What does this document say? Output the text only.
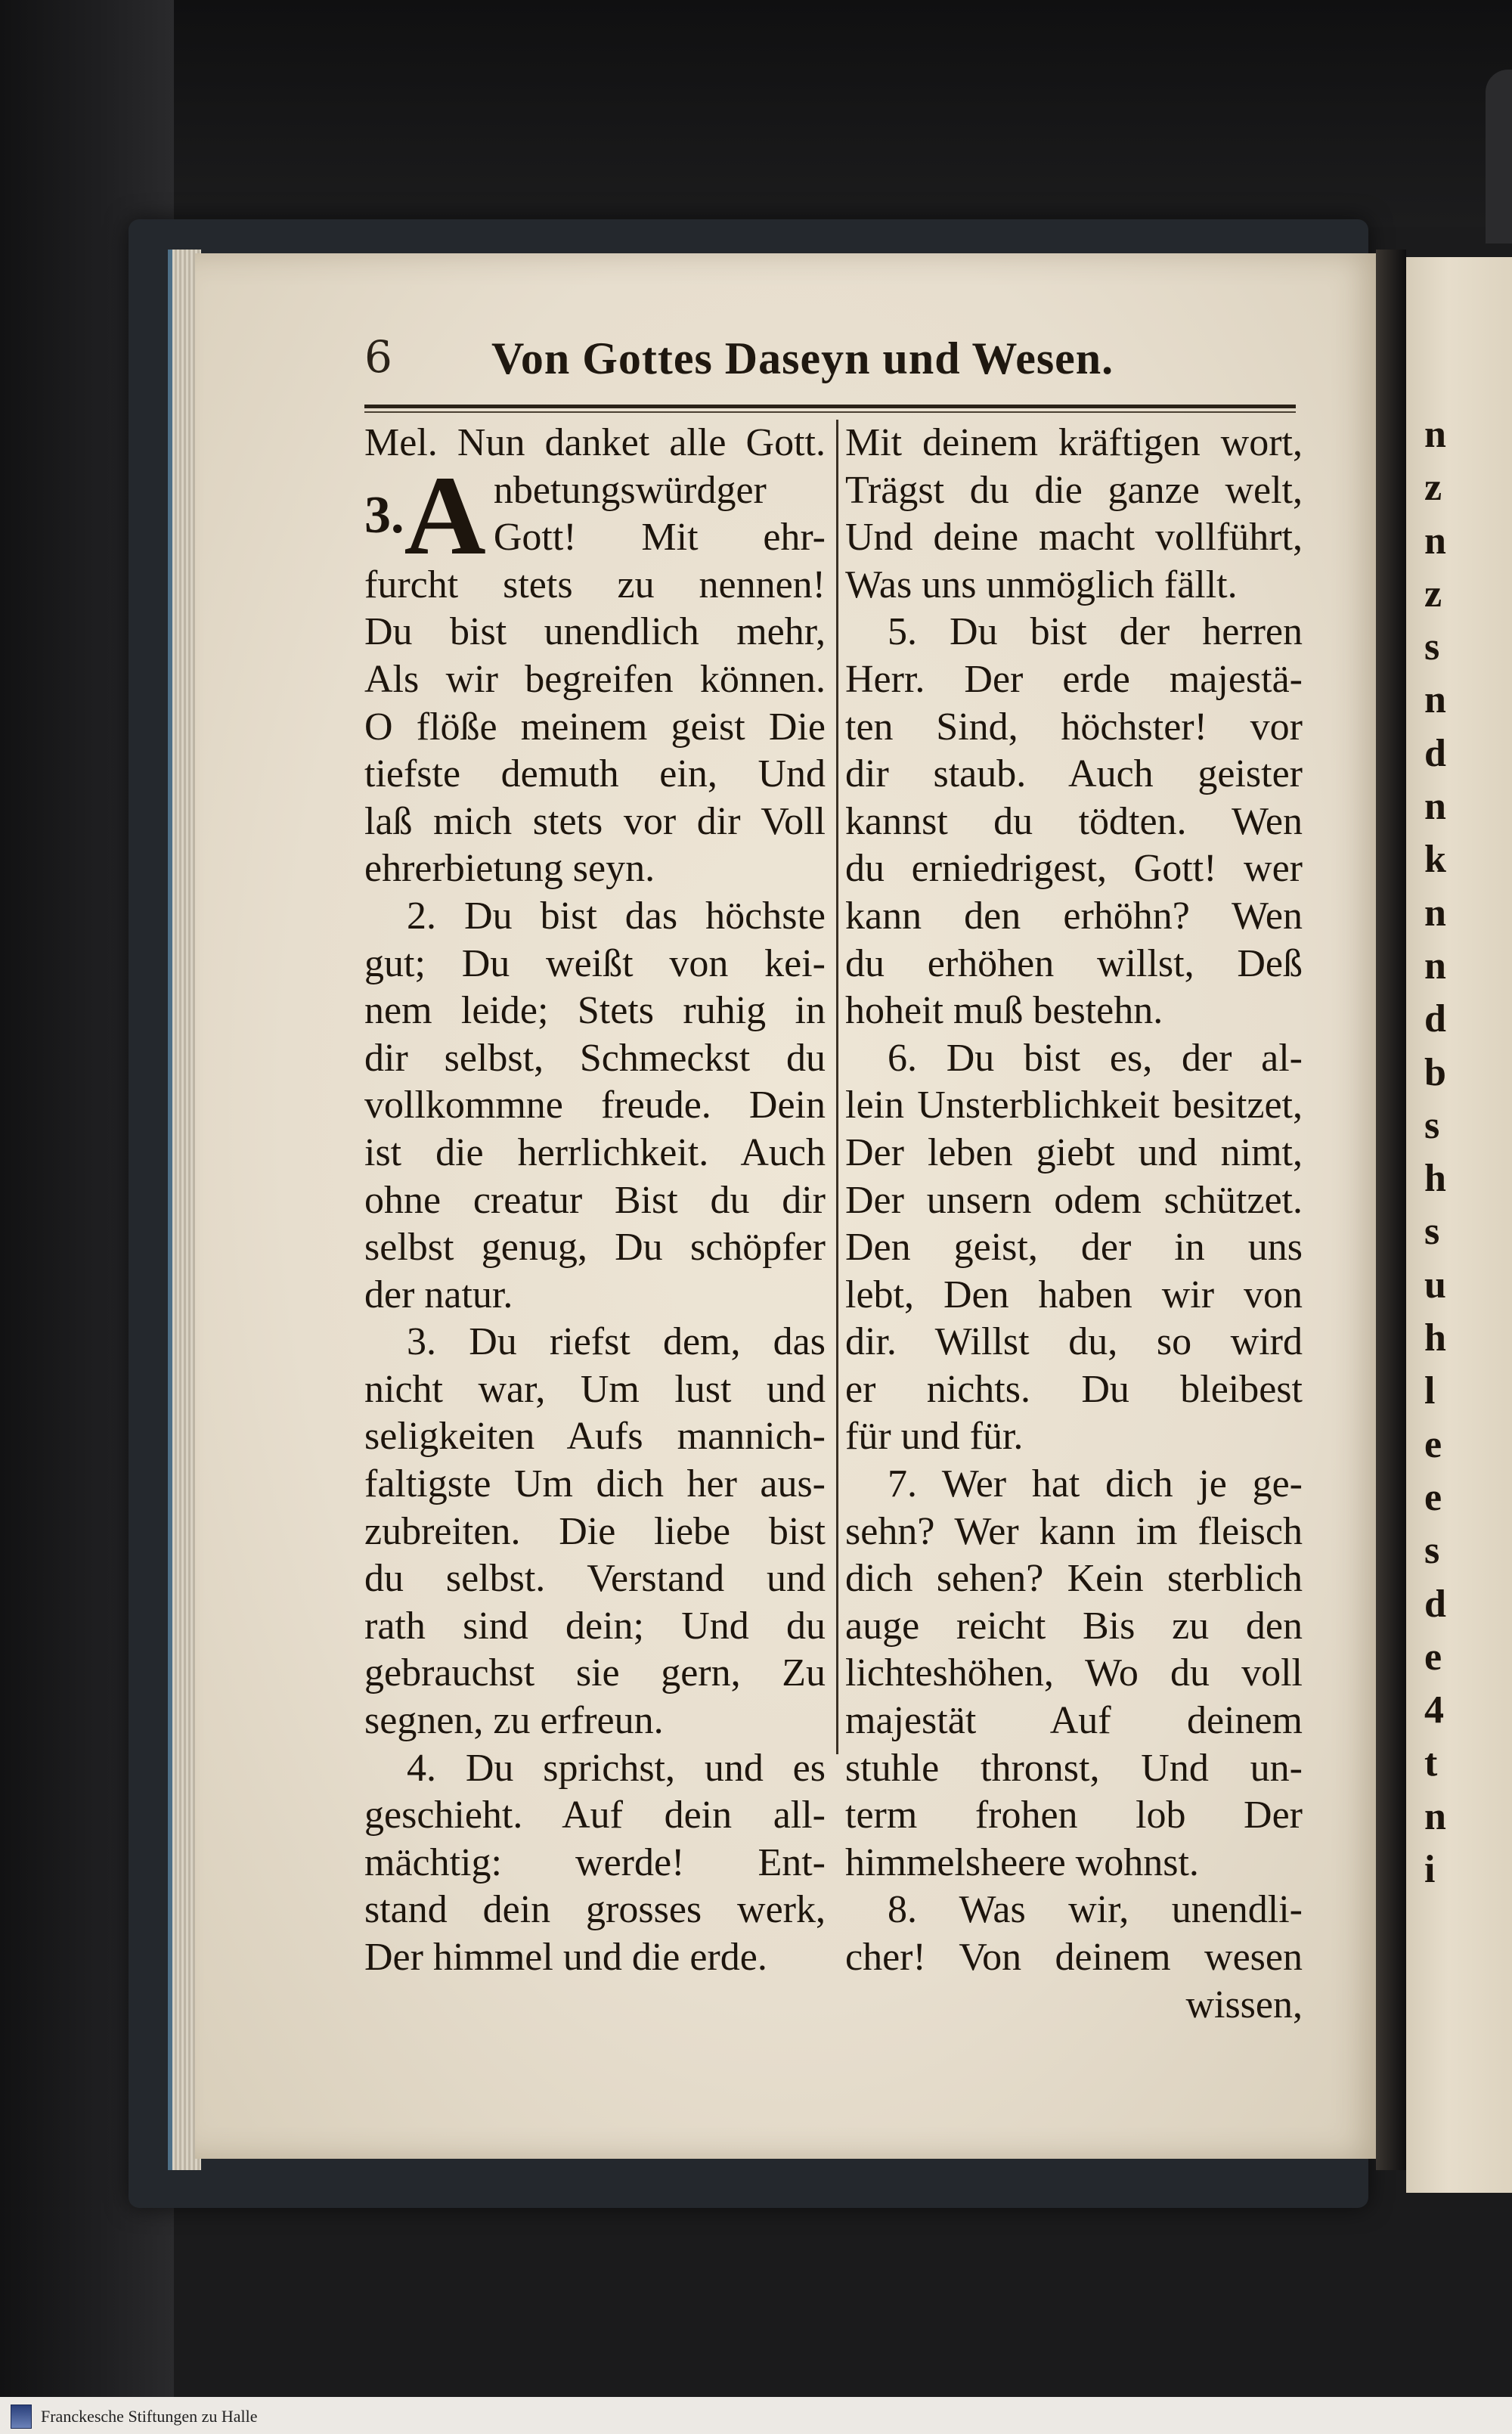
n
z
n
z
s
n
d
n
k
n
n
d
b
s
h
s
u
h
l
e
e
s
d
e
4
t
n
i
6 Von Gottes Daseyn und Wesen.
Mel. Nun danket alle Gott.
$^{3.}$A nbetungswürdger
Gott! Mit ehr-
furcht stets zu nennen!
Du bist unendlich mehr,
Als wir begreifen können.
O flöße meinem geist Die
tiefste demuth ein, Und
laß mich stets vor dir Voll
ehrerbietung seyn.
2. Du bist das höchste
gut; Du weißt von kei-
nem leide; Stets ruhig in
dir selbst, Schmeckst du
vollkommne freude. Dein
ist die herrlichkeit. Auch
ohne creatur Bist du dir
selbst genug, Du schöpfer
der natur.
3. Du riefst dem, das
nicht war, Um lust und
seligkeiten Aufs mannich-
faltigste Um dich her aus-
zubreiten. Die liebe bist
du selbst. Verstand und
rath sind dein; Und du
gebrauchst sie gern, Zu
segnen, zu erfreun.
4. Du sprichst, und es
geschieht. Auf dein all-
mächtig: werde! Ent-
stand dein grosses werk,
Der himmel und die erde.
Mit deinem kräftigen wort,
Trägst du die ganze welt,
Und deine macht vollführt,
Was uns unmöglich fällt.
5. Du bist der herren
Herr. Der erde majestä-
ten Sind, höchster! vor
dir staub. Auch geister
kannst du tödten. Wen
du erniedrigest, Gott! wer
kann den erhöhn? Wen
du erhöhen willst, Deß
hoheit muß bestehn.
6. Du bist es, der al-
lein Unsterblichkeit besitzet,
Der leben giebt und nimt,
Der unsern odem schützet.
Den geist, der in uns
lebt, Den haben wir von
dir. Willst du, so wird
er nichts. Du bleibest
für und für.
7. Wer hat dich je ge-
sehn? Wer kann im fleisch
dich sehen? Kein sterblich
auge reicht Bis zu den
lichteshöhen, Wo du voll
majestät Auf deinem
stuhle thronst, Und un-
term frohen lob Der
himmelsheere wohnst.
8. Was wir, unendli-
cher! Von deinem wesen
wissen,
Franckesche Stiftungen zu Halle
